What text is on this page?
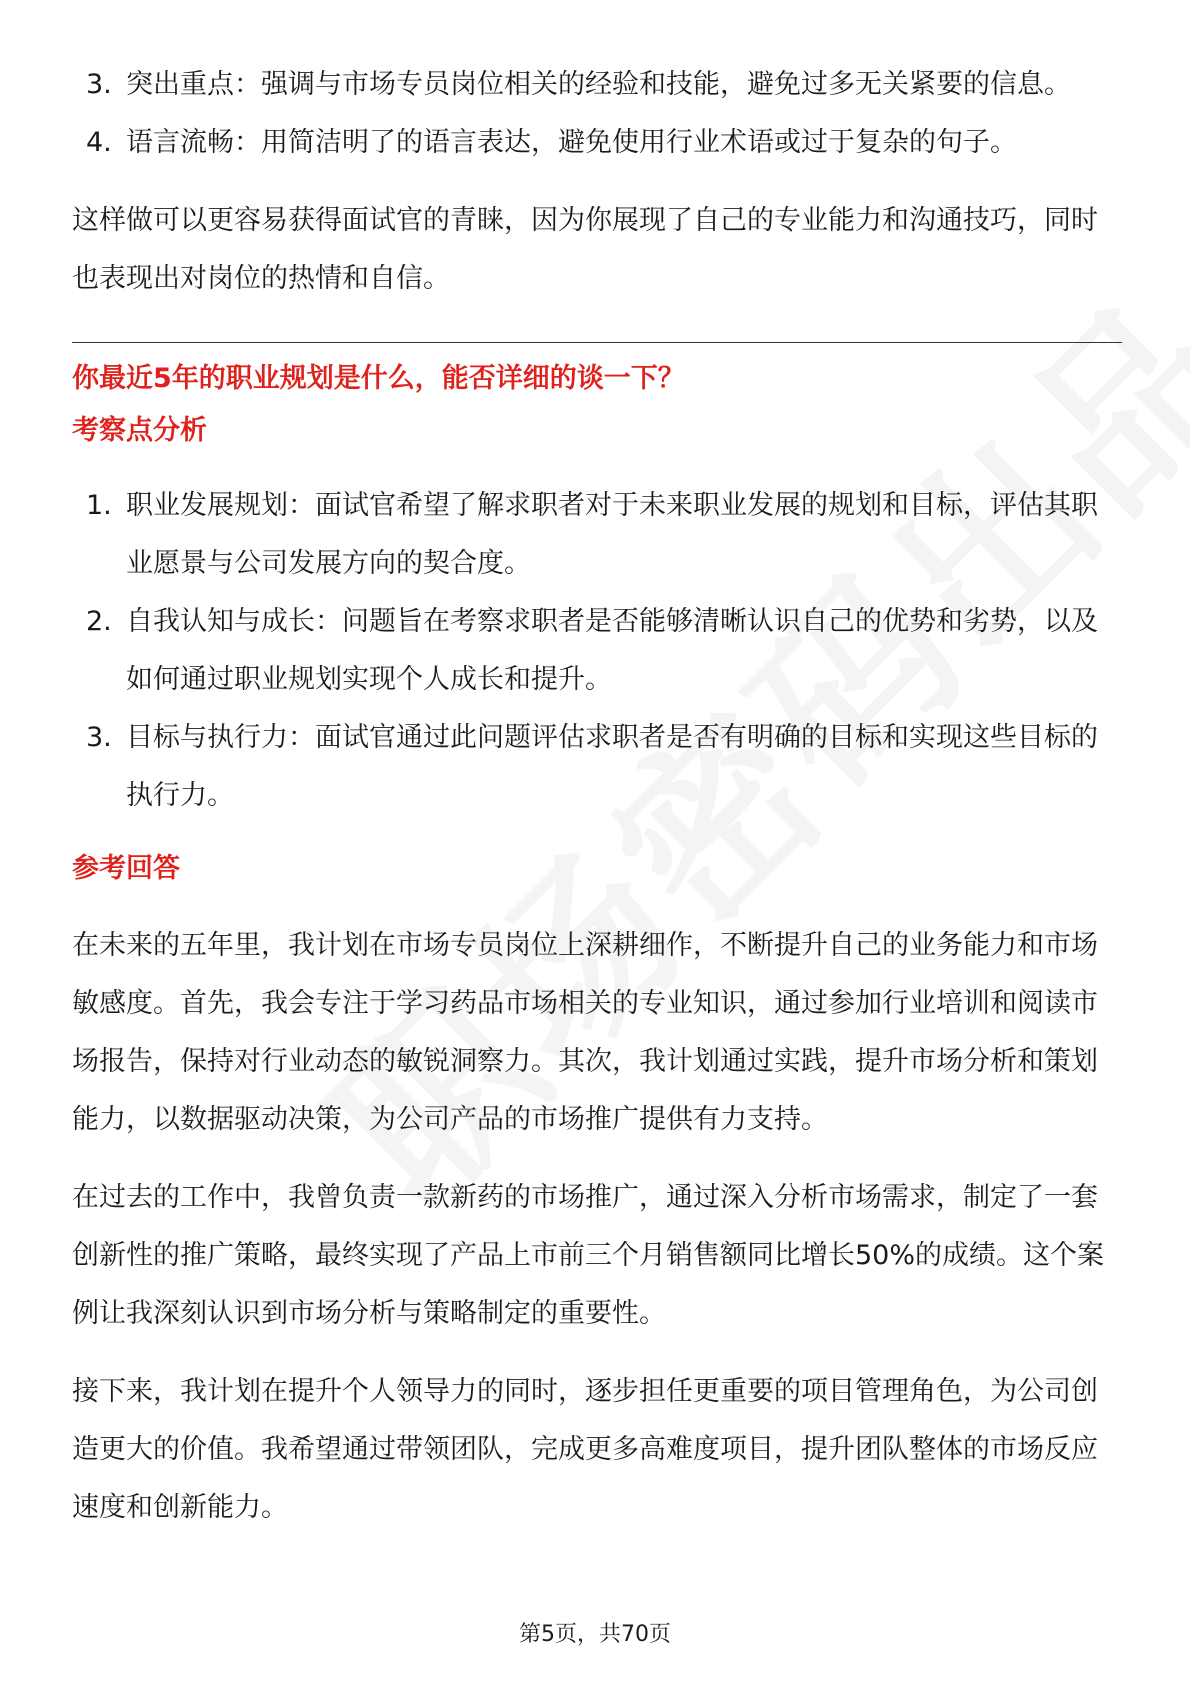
3. 突出重点：强调与市场专员岗位相关的经验和技能，避免过多无关紧要的信息。
4. 语言流畅：用简洁明了的语言表达，避免使用行业术语或过于复杂的句子。

这样做可以更容易获得面试官的青睐，因为你展现了自己的专业能力和沟通技巧，同时也表现出对岗位的热情和自信。

你最近5年的职业规划是什么，能否详细的谈一下？

考察点分析

1. 职业发展规划：面试官希望了解求职者对于未来职业发展的规划和目标，评估其职业愿景与公司发展方向的契合度。
2. 自我认知与成长：问题旨在考察求职者是否能够清晰认识自己的优势和劣势，以及如何通过职业规划实现个人成长和提升。
3. 目标与执行力：面试官通过此问题评估求职者是否有明确的目标和实现这些目标的执行力。

参考回答

在未来的五年里，我计划在市场专员岗位上深耕细作，不断提升自己的业务能力和市场敏感度。首先，我会专注于学习药品市场相关的专业知识，通过参加行业培训和阅读市场报告，保持对行业动态的敏锐洞察力。其次，我计划通过实践，提升市场分析和策划能力，以数据驱动决策，为公司产品的市场推广提供有力支持。

在过去的工作中，我曾负责一款新药的市场推广，通过深入分析市场需求，制定了一套创新性的推广策略，最终实现了产品上市前三个月销售额同比增长50%的成绩。这个案例让我深刻认识到市场分析与策略制定的重要性。

接下来，我计划在提升个人领导力的同时，逐步担任更重要的项目管理角色，为公司创造更大的价值。我希望通过带领团队，完成更多高难度项目，提升团队整体的市场反应速度和创新能力。

第5页，共70页
